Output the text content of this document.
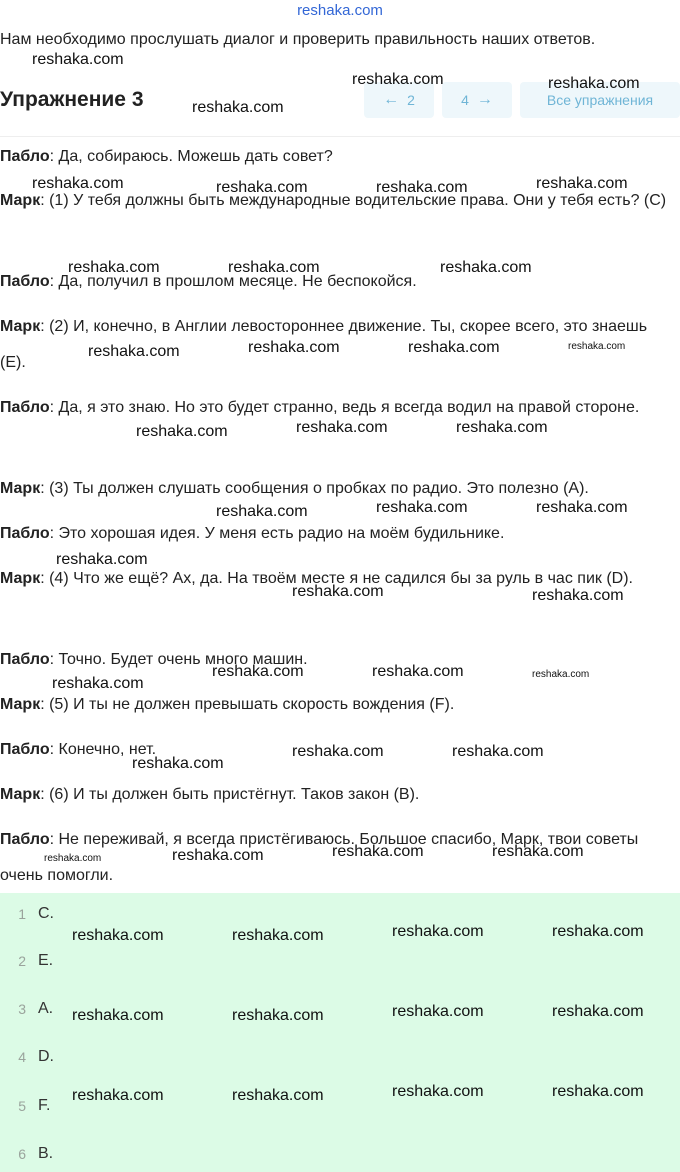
reshaka.com
Нам необходимо прослушать диалог и проверить правильность наших ответов.
Упражнение 3	← 2	4 →	Все упражнения
Пабло: Да, собираюсь. Можешь дать совет?
Марк: (1) У тебя должны быть международные водительские права. Они у тебя есть? (C)
Пабло: Да, получил в прошлом месяце. Не беспокойся.
Марк: (2) И, конечно, в Англии левостороннее движение. Ты, скорее всего, это знаешь (E).
Пабло: Да, я это знаю. Но это будет странно, ведь я всегда водил на правой стороне.
Марк: (3) Ты должен слушать сообщения о пробках по радио. Это полезно (A).
Пабло: Это хорошая идея. У меня есть радио на моём будильнике.
Марк: (4) Что же ещё? Ах, да. На твоём месте я не садился бы за руль в час пик (D).
Пабло: Точно. Будет очень много машин.
Марк: (5) И ты не должен превышать скорость вождения (F).
Пабло: Конечно, нет.
Марк: (6) И ты должен быть пристёгнут. Таков закон (B).
Пабло: Не переживай, я всегда пристёгиваюсь. Большое спасибо, Марк, твои советы очень помогли.
1 C.
2 E.
3 A.
4 D.
5 F.
6 B.
reshaka.com
reshaka.com	reshaka.com
reshaka.com
reshaka.com	reshaka.com	reshaka.com	reshaka.com
reshaka.com	reshaka.com	reshaka.com
reshaka.com	reshaka.com	reshaka.com	reshaka.com
reshaka.com	reshaka.com	reshaka.com
reshaka.com	reshaka.com	reshaka.com
reshaka.com
reshaka.com	reshaka.com
reshaka.com	reshaka.com	reshaka.com
reshaka.com
reshaka.com	reshaka.com
reshaka.com
reshaka.com	reshaka.com	reshaka.com	reshaka.com
reshaka.com	reshaka.com	reshaka.com	reshaka.com
reshaka.com	reshaka.com	reshaka.com	reshaka.com
reshaka.com	reshaka.com	reshaka.com	reshaka.com
